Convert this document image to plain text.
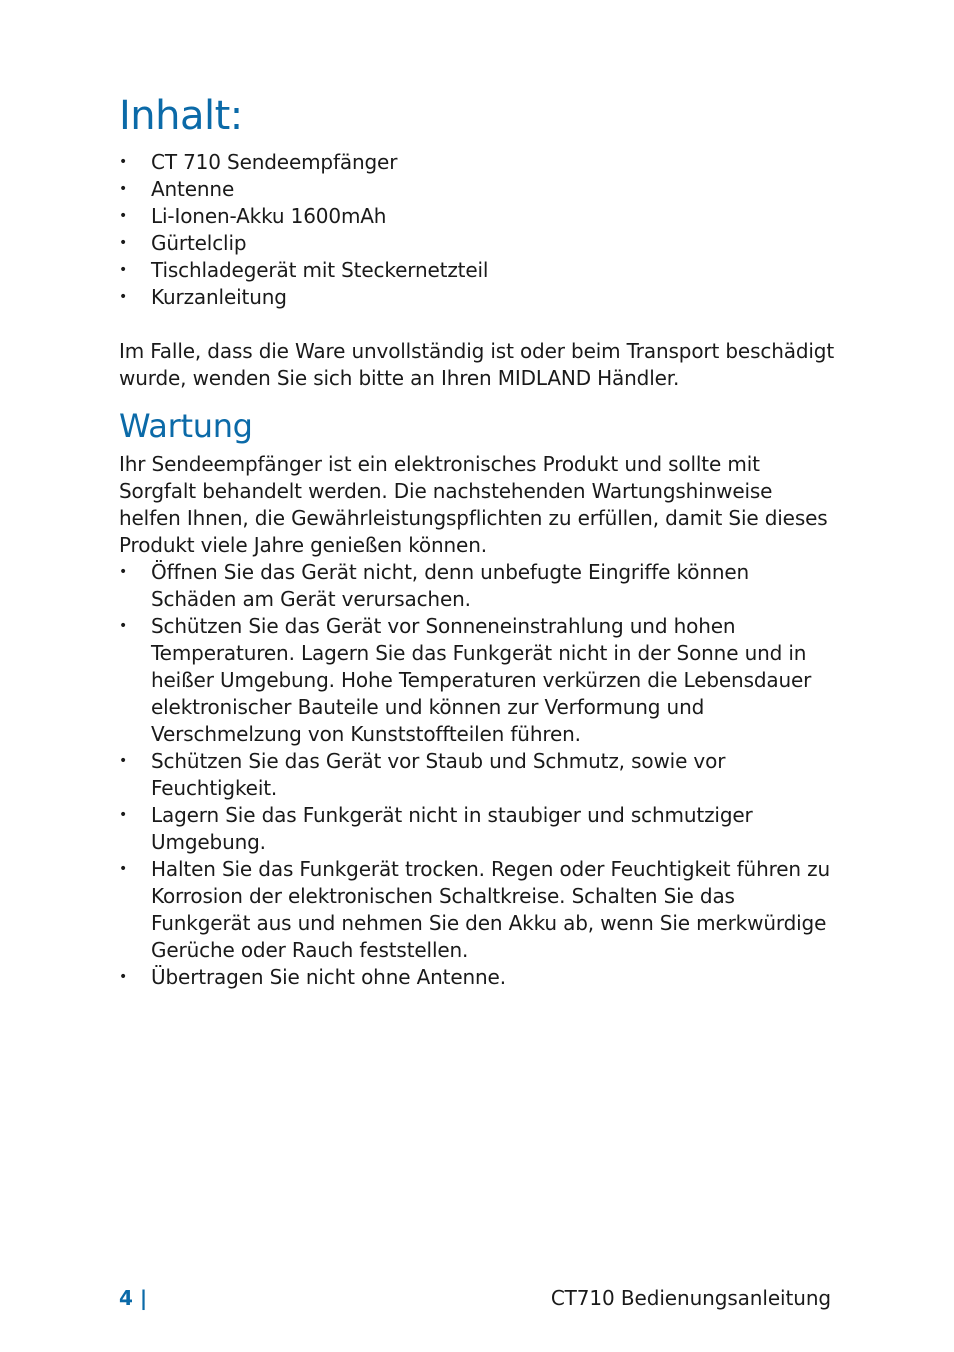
Inhalt:
• CT 710 Sendeempfänger
• Antenne
• Li-Ionen-Akku 1600mAh
• Gürtelclip
• Tischladegerät mit Steckernetzteil
• Kurzanleitung

Im Falle, dass die Ware unvollständig ist oder beim Transport beschädigt wurde, wenden Sie sich bitte an Ihren MIDLAND Händler.

Wartung

Ihr Sendeempfänger ist ein elektronisches Produkt und sollte mit Sorgfalt behandelt werden. Die nachstehenden Wartungshinweise helfen Ihnen, die Gewährleistungspflichten zu erfüllen, damit Sie dieses Produkt viele Jahre genießen können.

• Öffnen Sie das Gerät nicht, denn unbefugte Eingriffe können Schäden am Gerät verursachen.
• Schützen Sie das Gerät vor Sonneneinstrahlung und hohen Temperaturen. Lagern Sie das Funkgerät nicht in der Sonne und in heißer Umgebung. Hohe Temperaturen verkürzen die Lebensdauer elektronischer Bauteile und können zur Verformung und Verschmelzung von Kunststoffteilen führen.
• Schützen Sie das Gerät vor Staub und Schmutz, sowie vor Feuchtigkeit.
• Lagern Sie das Funkgerät nicht in staubiger und schmutziger Umgebung.
• Halten Sie das Funkgerät trocken. Regen oder Feuchtigkeit führen zu Korrosion der elektronischen Schaltkreise. Schalten Sie das Funkgerät aus und nehmen Sie den Akku ab, wenn Sie merkwürdige Gerüche oder Rauch feststellen.
• Übertragen Sie nicht ohne Antenne.
4 |	CT710 Bedienungsanleitung
